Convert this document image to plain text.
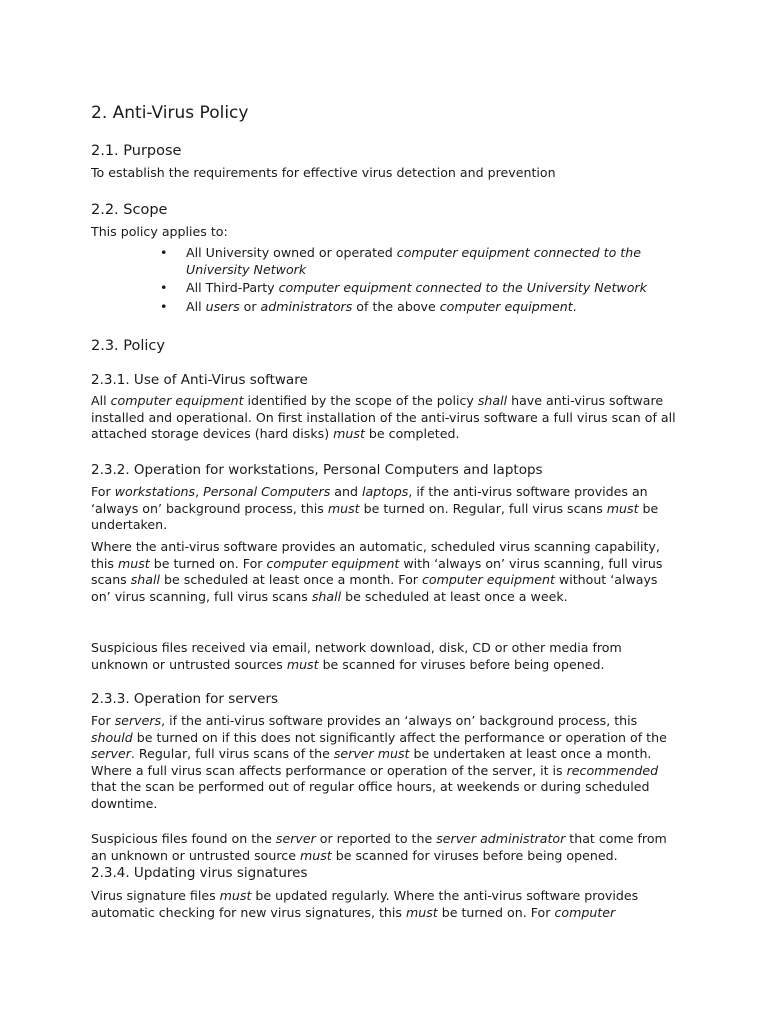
2. Anti-Virus Policy
2.1. Purpose

To establish the requirements for effective virus detection and prevention

2.2. Scope

This policy applies to:

• All University owned or operated computer equipment connected to the University Network
• All Third-Party computer equipment connected to the University Network
• All users or administrators of the above computer equipment.
2.3. Policy
2.3.1. Use of Anti-Virus software

All computer equipment identified by the scope of the policy shall have anti-virus software installed and operational. On first installation of the anti-virus software a full virus scan of all attached storage devices (hard disks) must be completed.

2.3.2. Operation for workstations, Personal Computers and laptops

For workstations, Personal Computers and laptops, if the anti-virus software provides an ‘always on’ background process, this must be turned on. Regular, full virus scans must be undertaken.

Where the anti-virus software provides an automatic, scheduled virus scanning capability, this must be turned on. For computer equipment with ‘always on’ virus scanning, full virus scans shall be scheduled at least once a month. For computer equipment without ‘always on’ virus scanning, full virus scans shall be scheduled at least once a week.

Suspicious files received via email, network download, disk, CD or other media from unknown or untrusted sources must be scanned for viruses before being opened.

2.3.3. Operation for servers

For servers, if the anti-virus software provides an ‘always on’ background process, this should be turned on if this does not significantly affect the performance or operation of the server. Regular, full virus scans of the server must be undertaken at least once a month. Where a full virus scan affects performance or operation of the server, it is recommended that the scan be performed out of regular office hours, at weekends or during scheduled downtime.

Suspicious files found on the server or reported to the server administrator that come from an unknown or untrusted source must be scanned for viruses before being opened.

2.3.4. Updating virus signatures

Virus signature files must be updated regularly. Where the anti-virus software provides automatic checking for new virus signatures, this must be turned on. For computer
